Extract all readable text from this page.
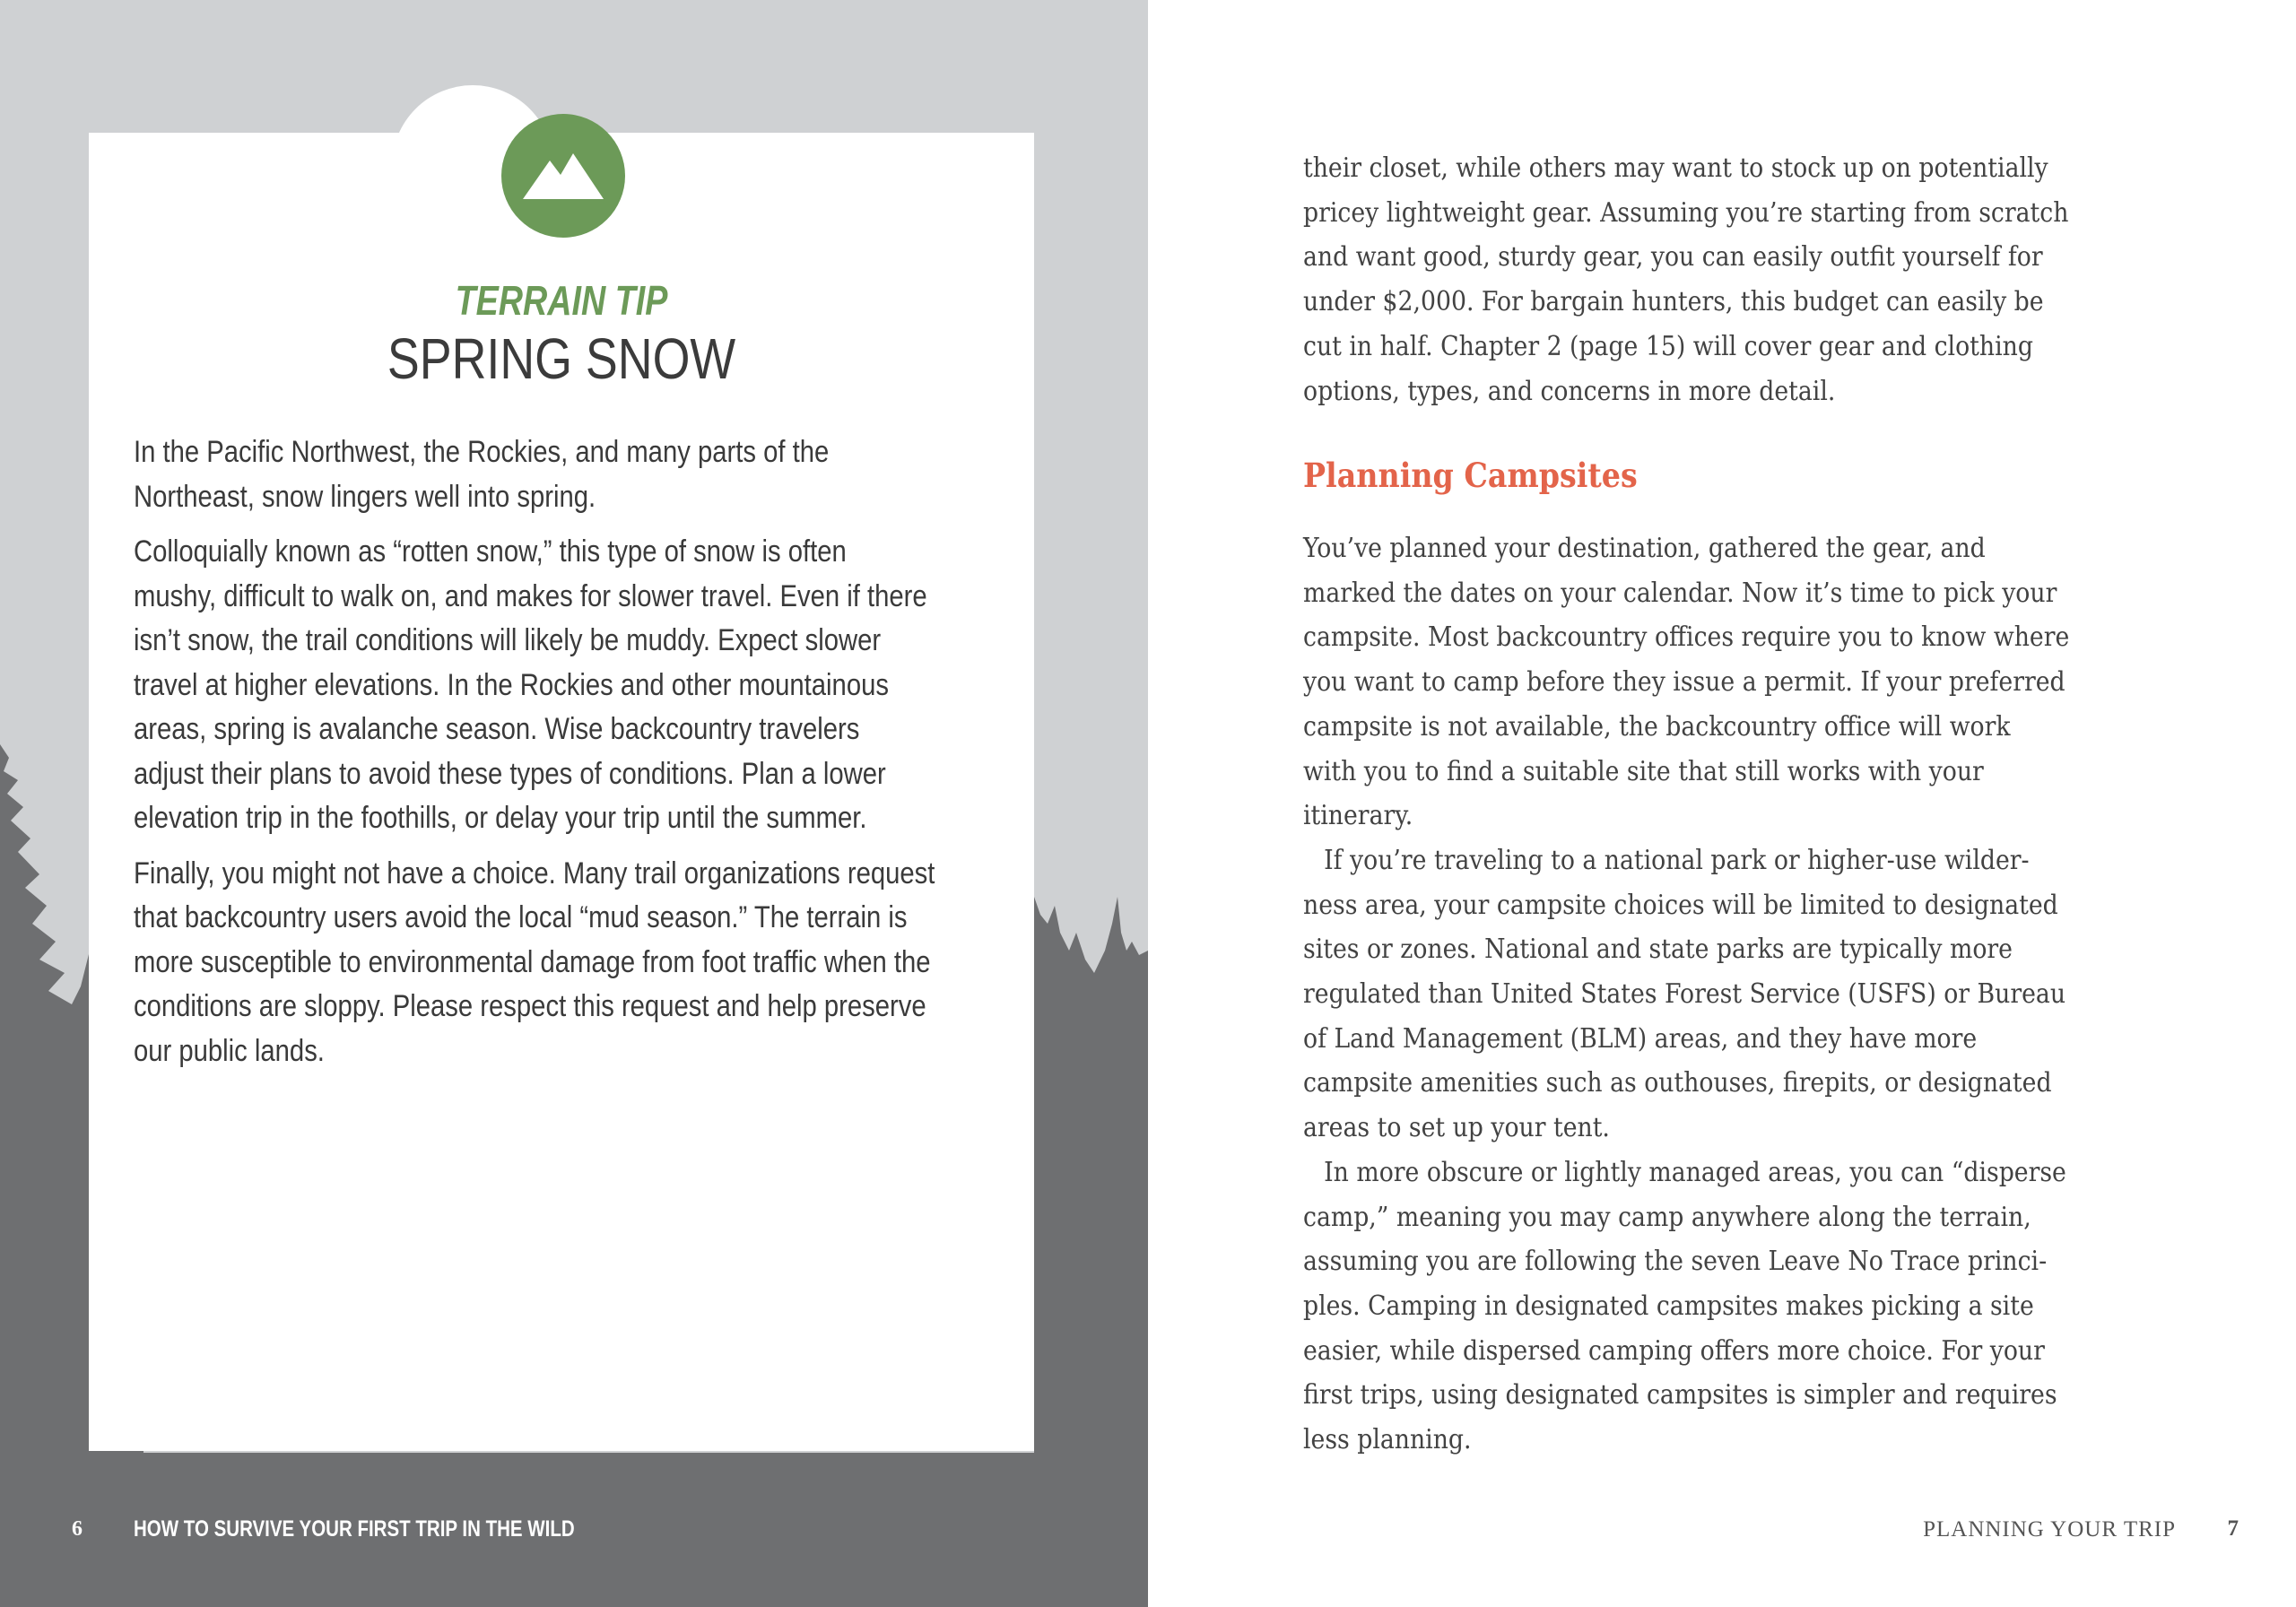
TERRAIN TIP
SPRING SNOW

In the Pacific Northwest, the Rockies, and many parts of the Northeast, snow lingers well into spring.

Colloquially known as “rotten snow,” this type of snow is often mushy, difficult to walk on, and makes for slower travel. Even if there isn’t snow, the trail conditions will likely be muddy. Expect slower travel at higher elevations. In the Rockies and other mountainous areas, spring is avalanche season. Wise backcountry travelers adjust their plans to avoid these types of conditions. Plan a lower elevation trip in the foothills, or delay your trip until the summer.

Finally, you might not have a choice. Many trail organizations request that backcountry users avoid the local “mud season.” The terrain is more susceptible to environmental damage from foot traffic when the conditions are sloppy. Please respect this request and help preserve our public lands.

6 HOW TO SURVIVE YOUR FIRST TRIP IN THE WILD

their closet, while others may want to stock up on potentially pricey lightweight gear. Assuming you’re starting from scratch and want good, sturdy gear, you can easily outfit yourself for under $2,000. For bargain hunters, this budget can easily be cut in half. Chapter 2 (page 15) will cover gear and clothing options, types, and concerns in more detail.

Planning Campsites

You’ve planned your destination, gathered the gear, and marked the dates on your calendar. Now it’s time to pick your campsite. Most backcountry offices require you to know where you want to camp before they issue a permit. If your preferred campsite is not available, the backcountry office will work with you to find a suitable site that still works with your itinerary.

If you’re traveling to a national park or higher-use wilderness area, your campsite choices will be limited to designated sites or zones. National and state parks are typically more regulated than United States Forest Service (USFS) or Bureau of Land Management (BLM) areas, and they have more campsite amenities such as outhouses, firepits, or designated areas to set up your tent.

In more obscure or lightly managed areas, you can “disperse camp,” meaning you may camp anywhere along the terrain, assuming you are following the seven Leave No Trace principles. Camping in designated campsites makes picking a site easier, while dispersed camping offers more choice. For your first trips, using designated campsites is simpler and requires less planning.

PLANNING YOUR TRIP 7
